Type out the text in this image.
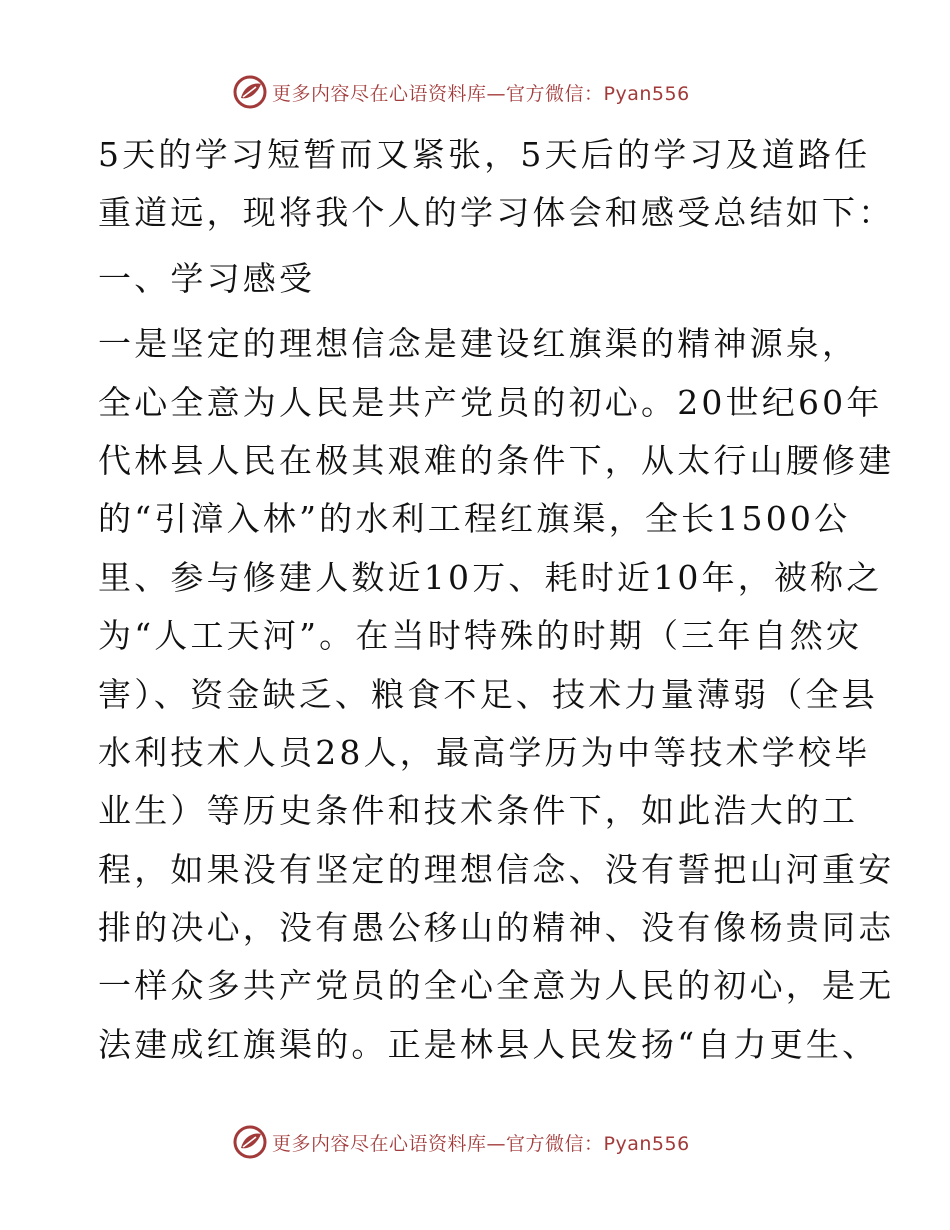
更多内容尽在心语资料库—官方微信：Pyan556
5天的学习短暂而又紧张，5天后的学习及道路任
重道远，现将我个人的学习体会和感受总结如下：
一、学习感受
一是坚定的理想信念是建设红旗渠的精神源泉，
全心全意为人民是共产党员的初心。20世纪60年
代林县人民在极其艰难的条件下，从太行山腰修建
的“引漳入林”的水利工程红旗渠，全长1500公
里、参与修建人数近10万、耗时近10年，被称之
为“人工天河”。在当时特殊的时期（三年自然灾
害）、资金缺乏、粮食不足、技术力量薄弱（全县
水利技术人员28人，最高学历为中等技术学校毕
业生）等历史条件和技术条件下，如此浩大的工
程，如果没有坚定的理想信念、没有誓把山河重安
排的决心，没有愚公移山的精神、没有像杨贵同志
一样众多共产党员的全心全意为人民的初心，是无
法建成红旗渠的。正是林县人民发扬“自力更生、
更多内容尽在心语资料库—官方微信：Pyan556
